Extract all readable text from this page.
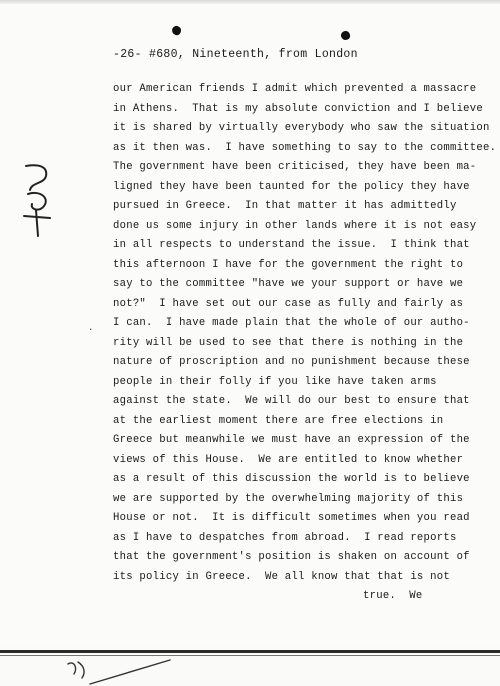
-26- #680, Nineteenth, from London
our American friends I admit which prevented a massacre
in Athens.  That is my absolute conviction and I believe
it is shared by virtually everybody who saw the situation
as it then was.  I have something to say to the committee.
The government have been criticised, they have been ma-
ligned they have been taunted for the policy they have
pursued in Greece.  In that matter it has admittedly
done us some injury in other lands where it is not easy
in all respects to understand the issue.  I think that
this afternoon I have for the government the right to
say to the committee "have we your support or have we
not?"  I have set out our case as fully and fairly as
I can.  I have made plain that the whole of our autho-
rity will be used to see that there is nothing in the
nature of proscription and no punishment because these
people in their folly if you like have taken arms
against the state.  We will do our best to ensure that
at the earliest moment there are free elections in
Greece but meanwhile we must have an expression of the
views of this House.  We are entitled to know whether
as a result of this discussion the world is to believe
we are supported by the overwhelming majority of this
House or not.  It is difficult sometimes when you read
as I have to despatches from abroad.  I read reports
that the government's position is shaken on account of
its policy in Greece.  We all know that that is not
true.  We
·
